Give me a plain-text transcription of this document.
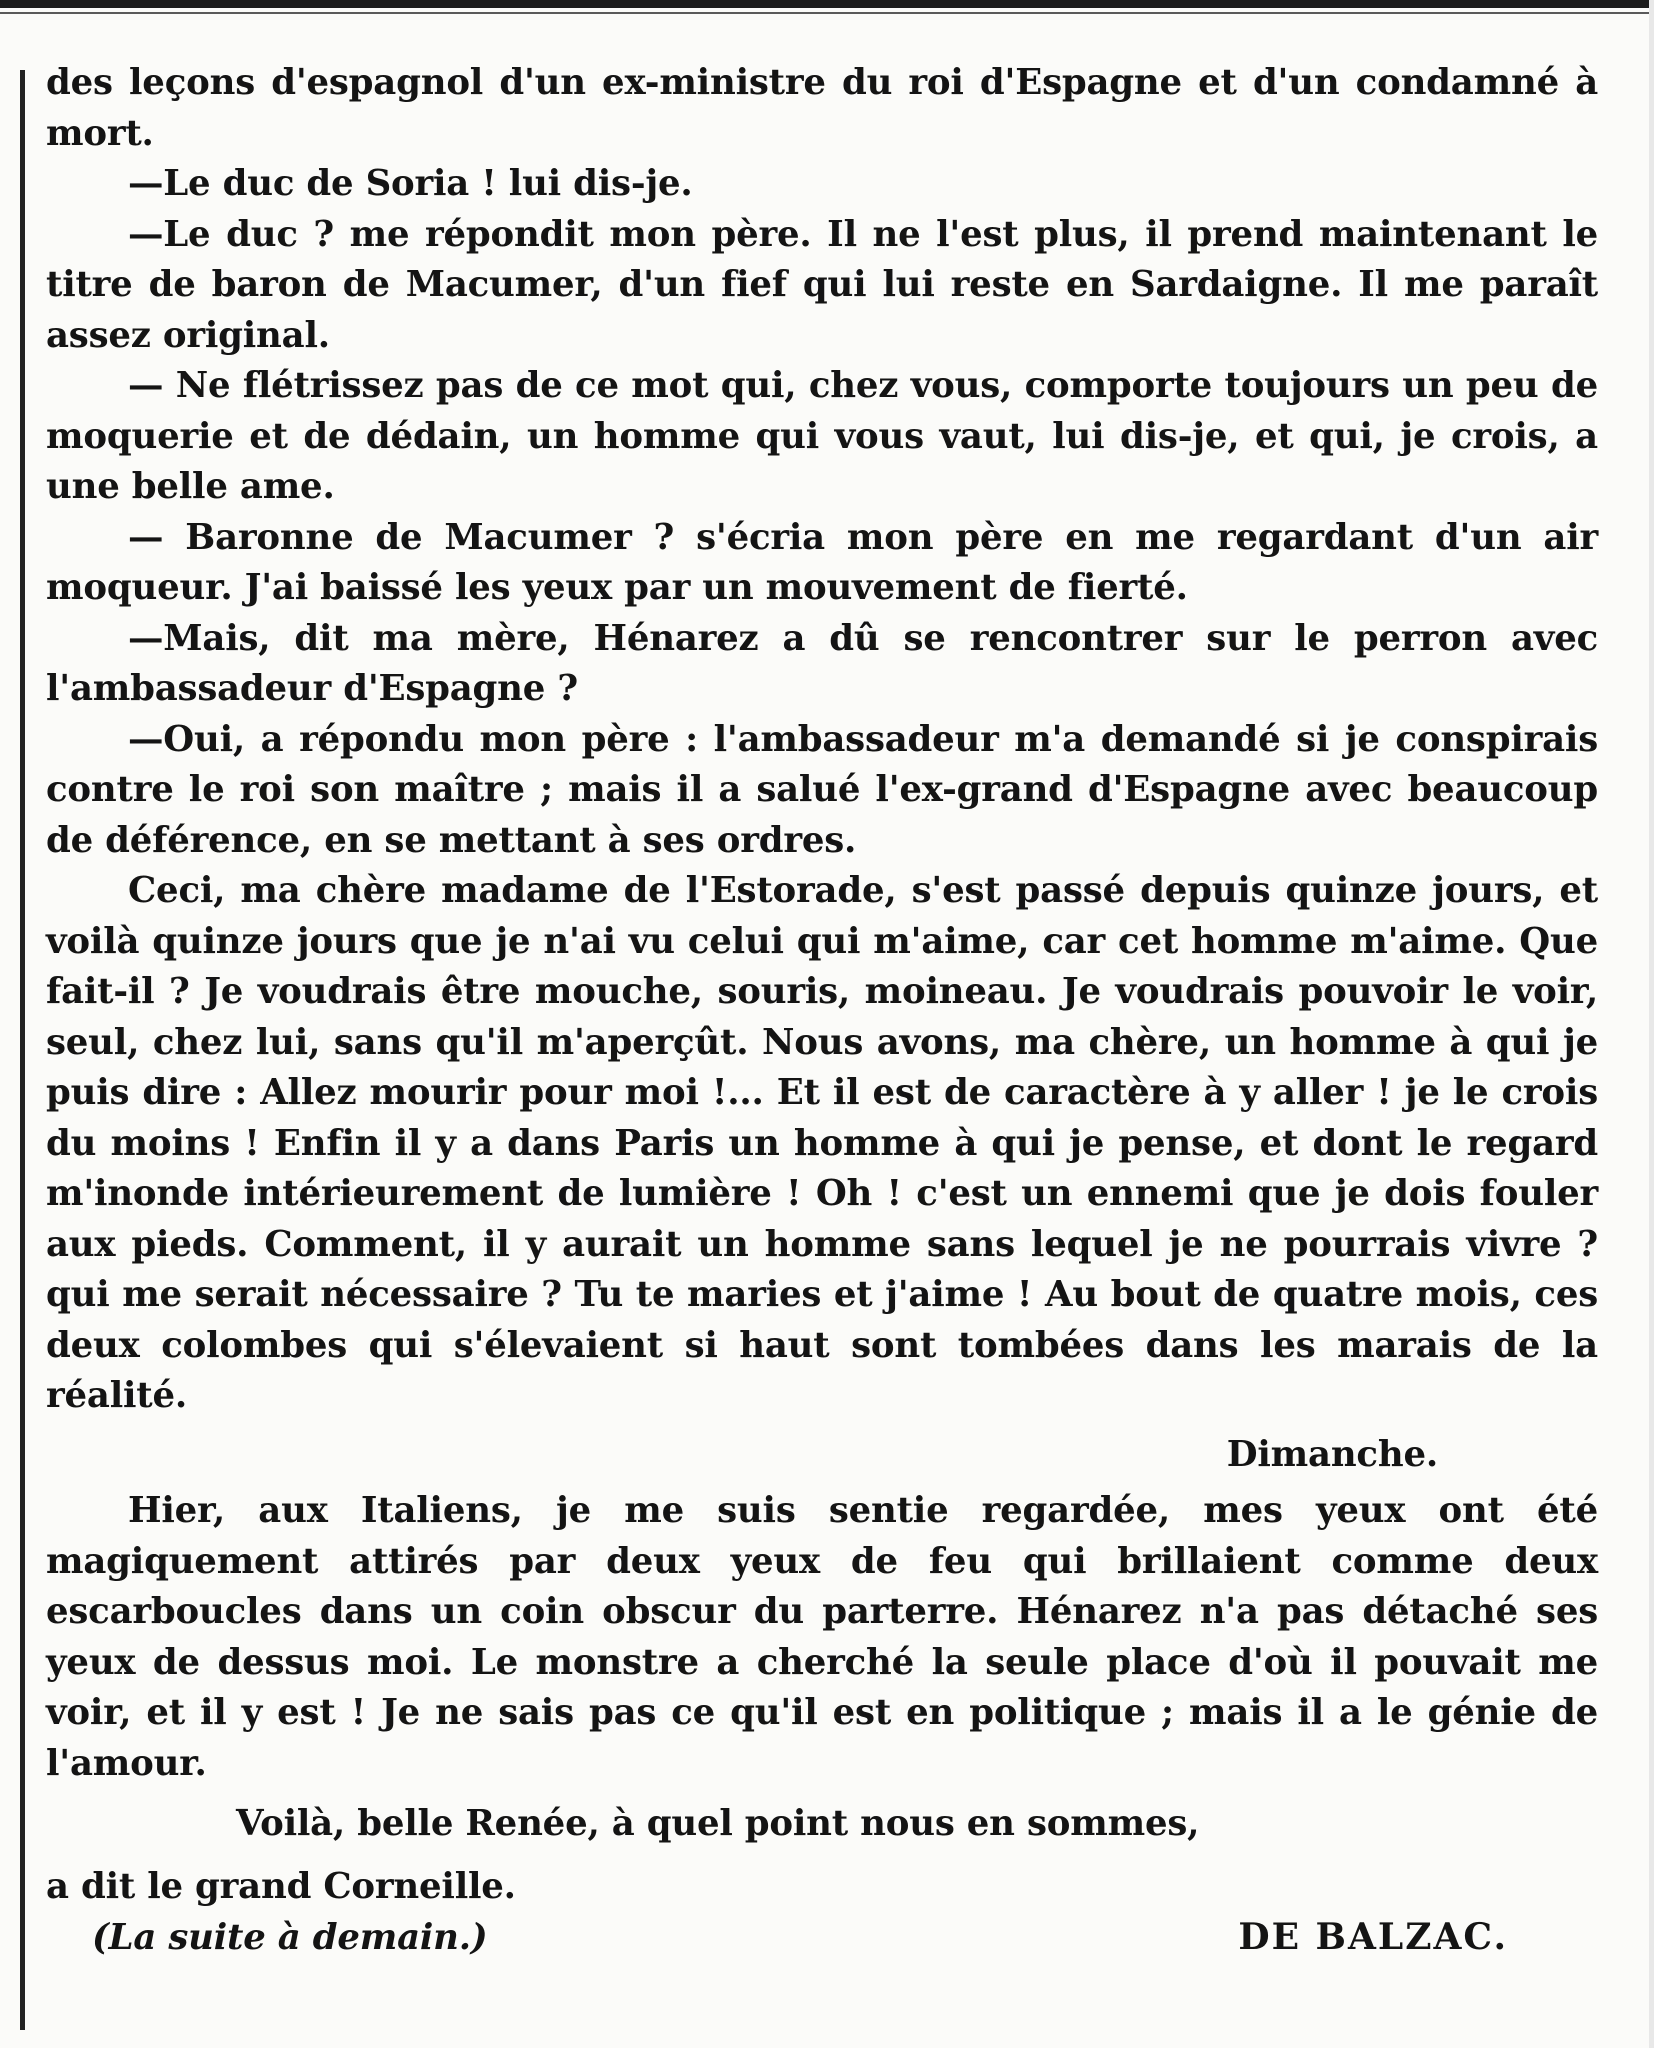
des leçons d'espagnol d'un ex-ministre du roi d'Espagne et d'un condamné à mort.

—Le duc de Soria ! lui dis-je.

—Le duc ? me répondit mon père. Il ne l'est plus, il prend maintenant le titre de baron de Macumer, d'un fief qui lui reste en Sardaigne. Il me paraît assez original.

— Ne flétrissez pas de ce mot qui, chez vous, comporte toujours un peu de moquerie et de dédain, un homme qui vous vaut, lui dis-je, et qui, je crois, a une belle ame.

— Baronne de Macumer ? s'écria mon père en me regardant d'un air moqueur. J'ai baissé les yeux par un mouvement de fierté.

—Mais, dit ma mère, Hénarez a dû se rencontrer sur le perron avec l'ambassadeur d'Espagne ?

—Oui, a répondu mon père : l'ambassadeur m'a demandé si je conspirais contre le roi son maître ; mais il a salué l'ex-grand d'Espagne avec beaucoup de déférence, en se mettant à ses ordres.

Ceci, ma chère madame de l'Estorade, s'est passé depuis quinze jours, et voilà quinze jours que je n'ai vu celui qui m'aime, car cet homme m'aime. Que fait-il ? Je voudrais être mouche, souris, moineau. Je voudrais pouvoir le voir, seul, chez lui, sans qu'il m'aperçût. Nous avons, ma chère, un homme à qui je puis dire : Allez mourir pour moi !... Et il est de caractère à y aller ! je le crois du moins ! Enfin il y a dans Paris un homme à qui je pense, et dont le regard m'inonde intérieurement de lumière ! Oh ! c'est un ennemi que je dois fouler aux pieds. Comment, il y aurait un homme sans lequel je ne pourrais vivre ? qui me serait nécessaire ? Tu te maries et j'aime ! Au bout de quatre mois, ces deux colombes qui s'élevaient si haut sont tombées dans les marais de la réalité.

Dimanche.

Hier, aux Italiens, je me suis sentie regardée, mes yeux ont été magiquement attirés par deux yeux de feu qui brillaient comme deux escarboucles dans un coin obscur du parterre. Hénarez n'a pas détaché ses yeux de dessus moi. Le monstre a cherché la seule place d'où il pouvait me voir, et il y est ! Je ne sais pas ce qu'il est en politique ; mais il a le génie de l'amour.

Voilà, belle Renée, à quel point nous en sommes,

a dit le grand Corneille.

(La suite à demain.)	DE BALZAC.
